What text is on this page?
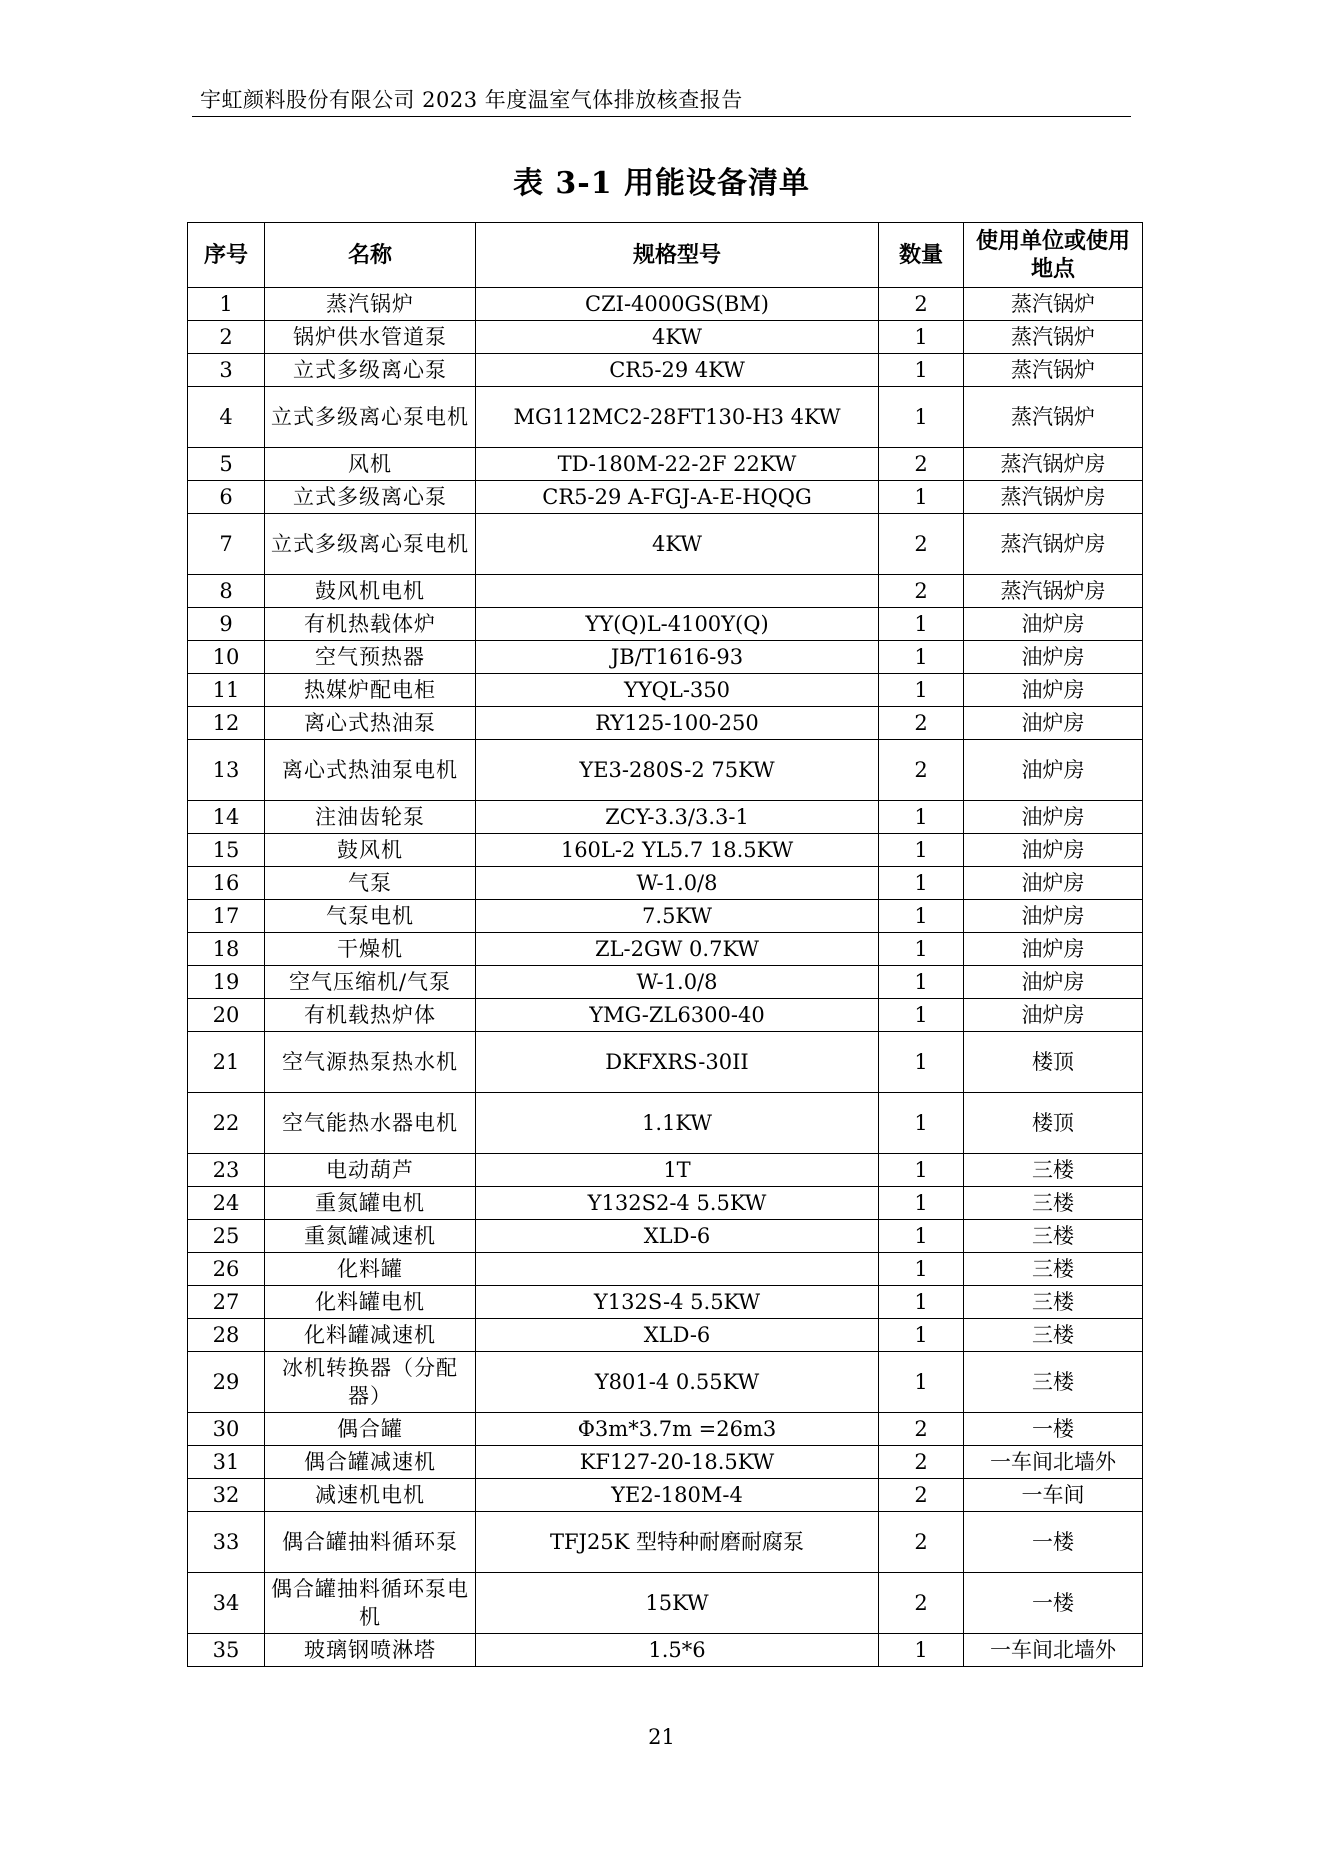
宇虹颜料股份有限公司 2023 年度温室气体排放核查报告
表 3-1 用能设备清单
序号	名称	规格型号	数量	使用单位或使用地点
1	蒸汽锅炉	CZI-4000GS(BM)	2	蒸汽锅炉
2	锅炉供水管道泵	4KW	1	蒸汽锅炉
3	立式多级离心泵	CR5-29 4KW	1	蒸汽锅炉
4	立式多级离心泵电机	MG112MC2-28FT130-H3 4KW	1	蒸汽锅炉
5	风机	TD-180M-22-2F 22KW	2	蒸汽锅炉房
6	立式多级离心泵	CR5-29 A-FGJ-A-E-HQQG	1	蒸汽锅炉房
7	立式多级离心泵电机	4KW	2	蒸汽锅炉房
8	鼓风机电机		2	蒸汽锅炉房
9	有机热载体炉	YY(Q)L-4100Y(Q)	1	油炉房
10	空气预热器	JB/T1616-93	1	油炉房
11	热媒炉配电柜	YYQL-350	1	油炉房
12	离心式热油泵	RY125-100-250	2	油炉房
13	离心式热油泵电机	YE3-280S-2 75KW	2	油炉房
14	注油齿轮泵	ZCY-3.3/3.3-1	1	油炉房
15	鼓风机	160L-2 YL5.7 18.5KW	1	油炉房
16	气泵	W-1.0/8	1	油炉房
17	气泵电机	7.5KW	1	油炉房
18	干燥机	ZL-2GW 0.7KW	1	油炉房
19	空气压缩机/气泵	W-1.0/8	1	油炉房
20	有机载热炉体	YMG-ZL6300-40	1	油炉房
21	空气源热泵热水机	DKFXRS-30II	1	楼顶
22	空气能热水器电机	1.1KW	1	楼顶
23	电动葫芦	1T	1	三楼
24	重氮罐电机	Y132S2-4 5.5KW	1	三楼
25	重氮罐减速机	XLD-6	1	三楼
26	化料罐		1	三楼
27	化料罐电机	Y132S-4 5.5KW	1	三楼
28	化料罐减速机	XLD-6	1	三楼
29	冰机转换器（分配器）	Y801-4 0.55KW	1	三楼
30	偶合罐	Φ3m*3.7m =26m3	2	一楼
31	偶合罐减速机	KF127-20-18.5KW	2	一车间北墙外
32	减速机电机	YE2-180M-4	2	一车间
33	偶合罐抽料循环泵	TFJ25K 型特种耐磨耐腐泵	2	一楼
34	偶合罐抽料循环泵电机	15KW	2	一楼
35	玻璃钢喷淋塔	1.5*6	1	一车间北墙外
21
